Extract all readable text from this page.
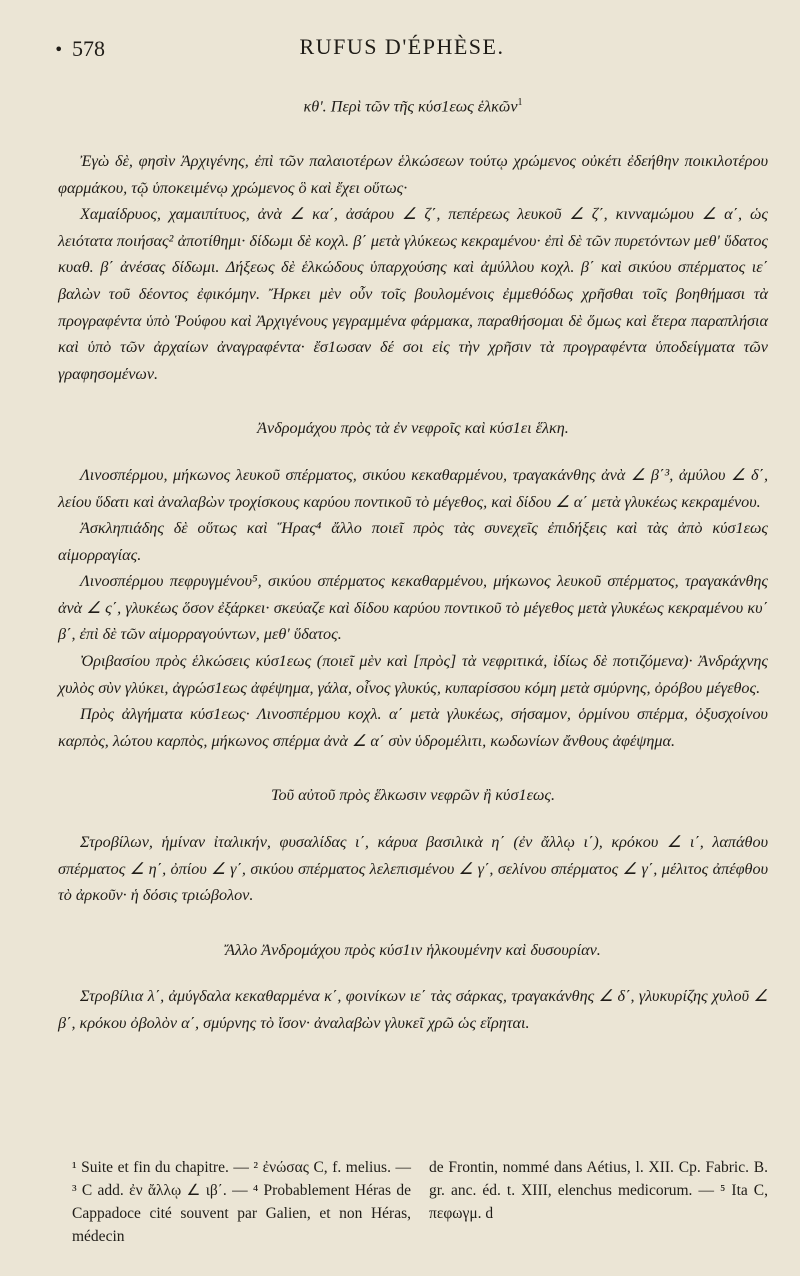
• 578	RUFUS D'ÉPHÈSE.

κθʹ. Περὶ τῶν τῆς κύσ1εως ἑλκῶν$^1$

Ἐγὼ δὲ, φησὶν Ἀρχιγένης, ἐπὶ τῶν παλαιοτέρων ἑλκώσεων τούτῳ χρώμενος οὐκέτι ἐδεήθην ποικιλοτέρου φαρμάκου, τῷ ὑποκειμένῳ χρώμενος ὃ καὶ ἔχει οὕτως·

Χαμαίδρυος, χαμαιπίτυος, ἀνὰ ∠ κα΄, ἀσάρου ∠ ζ΄, πεπέρεως λευκοῦ ∠ ζ΄, κινναμώμου ∠ α΄, ὡς λειότατα ποιήσας² ἀποτίθημι· δίδωμι δὲ κοχλ. β΄ μετὰ γλύκεως κεκραμένου· ἐπὶ δὲ τῶν πυρετόντων μεθ' ὕδατος κυαθ. β΄ ἀνέσας δίδωμι. Δήξεως δὲ ἑλκώδους ὑπαρχούσης καὶ ἀμύλλου κοχλ. β΄ καὶ σικύου σπέρματος ιε΄ βαλὼν τοῦ δέοντος ἐφικόμην. Ἤρκει μὲν οὖν τοῖς βουλομένοις ἐμμεθόδως χρῆσθαι τοῖς βοηθήμασι τὰ προγραφέντα ὑπὸ Ῥούφου καὶ Ἀρχιγένους γεγραμμένα φάρμακα, παραθήσομαι δὲ ὅμως καὶ ἕτερα παραπλήσια καὶ ὑπὸ τῶν ἀρχαίων ἀναγραφέντα· ἔσ1ωσαν δέ σοι εἰς τὴν χρῆσιν τὰ προγραφέντα ὑποδείγματα τῶν γραφησομένων.

Ἀνδρομάχου πρὸς τὰ ἐν νεφροῖς καὶ κύσ1ει ἕλκη.

Λινοσπέρμου, μήκωνος λευκοῦ σπέρματος, σικύου κεκαθαρμένου, τραγακάνθης ἀνὰ ∠ β΄³, ἀμύλου ∠ δ΄, λείου ὕδατι καὶ ἀναλαβὼν τροχίσκους καρύου ποντικοῦ τὸ μέγεθος, καὶ δίδου ∠ α΄ μετὰ γλυκέως κεκραμένου.

Ἀσκληπιάδης δὲ οὕτως καὶ Ἥρας⁴ ἄλλο ποιεῖ πρὸς τὰς συνεχεῖς ἐπιδήξεις καὶ τὰς ἀπὸ κύσ1εως αἱμορραγίας.

Λινοσπέρμου πεφρυγμένου⁵, σικύου σπέρματος κεκαθαρμένου, μήκωνος λευκοῦ σπέρματος, τραγακάνθης ἀνὰ ∠ ς΄, γλυκέως ὅσον ἐξάρκει· σκεύαζε καὶ δίδου καρύου ποντικοῦ τὸ μέγεθος μετὰ γλυκέως κεκραμένου κυ΄ β΄, ἐπὶ δὲ τῶν αἱμορραγούντων, μεθ' ὕδατος.

Ὀριβασίου πρὸς ἑλκώσεις κύσ1εως (ποιεῖ μὲν καὶ [πρὸς] τὰ νεφριτικά, ἰδίως δὲ ποτιζόμενα)· Ἀνδράχνης χυλὸς σὺν γλύκει, ἀγρώσ1εως ἀφέψημα, γάλα, οἶνος γλυκύς, κυπαρίσσου κόμη μετὰ σμύρνης, ὀρόβου μέγεθος.

Πρὸς ἀλγήματα κύσ1εως· Λινοσπέρμου κοχλ. α΄ μετὰ γλυκέως, σήσαμον, ὁρμίνου σπέρμα, ὀξυσχοίνου καρπὸς, λώτου καρπὸς, μήκωνος σπέρμα ἀνὰ ∠ α΄ σὺν ὑδρομέλιτι, κωδωνίων ἄνθους ἀφέψημα.

Τοῦ αὐτοῦ πρὸς ἕλκωσιν νεφρῶν ἢ κύσ1εως.

Στροβίλων, ἡμίναν ἰταλικήν, φυσαλίδας ι΄, κάρυα βασιλικὰ η΄ (ἐν ἄλλῳ ι΄), κρόκου ∠ ι΄, λαπάθου σπέρματος ∠ η΄, ὀπίου ∠ γ΄, σικύου σπέρματος λελεπισμένου ∠ γ΄, σελίνου σπέρματος ∠ γ΄, μέλιτος ἀπέφθου τὸ ἀρκοῦν· ἡ δόσις τριώβολον.

Ἄλλο Ἀνδρομάχου πρὸς κύσ1ιν ἡλκουμένην καὶ δυσουρίαν.

Στροβίλια λ΄, ἀμύγδαλα κεκαθαρμένα κ΄, φοινίκων ιε΄ τὰς σάρκας, τραγακάνθης ∠ δ΄, γλυκυρίζης χυλοῦ ∠ β΄, κρόκου ὀβολὸν α΄, σμύρνης τὸ ἴσον· ἀναλαβὼν γλυκεῖ χρῶ ὡς εἴρηται.

¹ Suite et fin du chapitre. — ² ἐνώσας C, f. melius. — ³ C add. ἐν ἄλλῳ ∠ ιβ΄. — ⁴ Probablement Héras de Cappadoce cité souvent par Galien, et non Héras, médecin

de Frontin, nommé dans Aétius, l. XII. Cp. Fabric. B. gr. anc. éd. t. XIII, elenchus medicorum. — ⁵ Ita C, πεφωγμ. d
